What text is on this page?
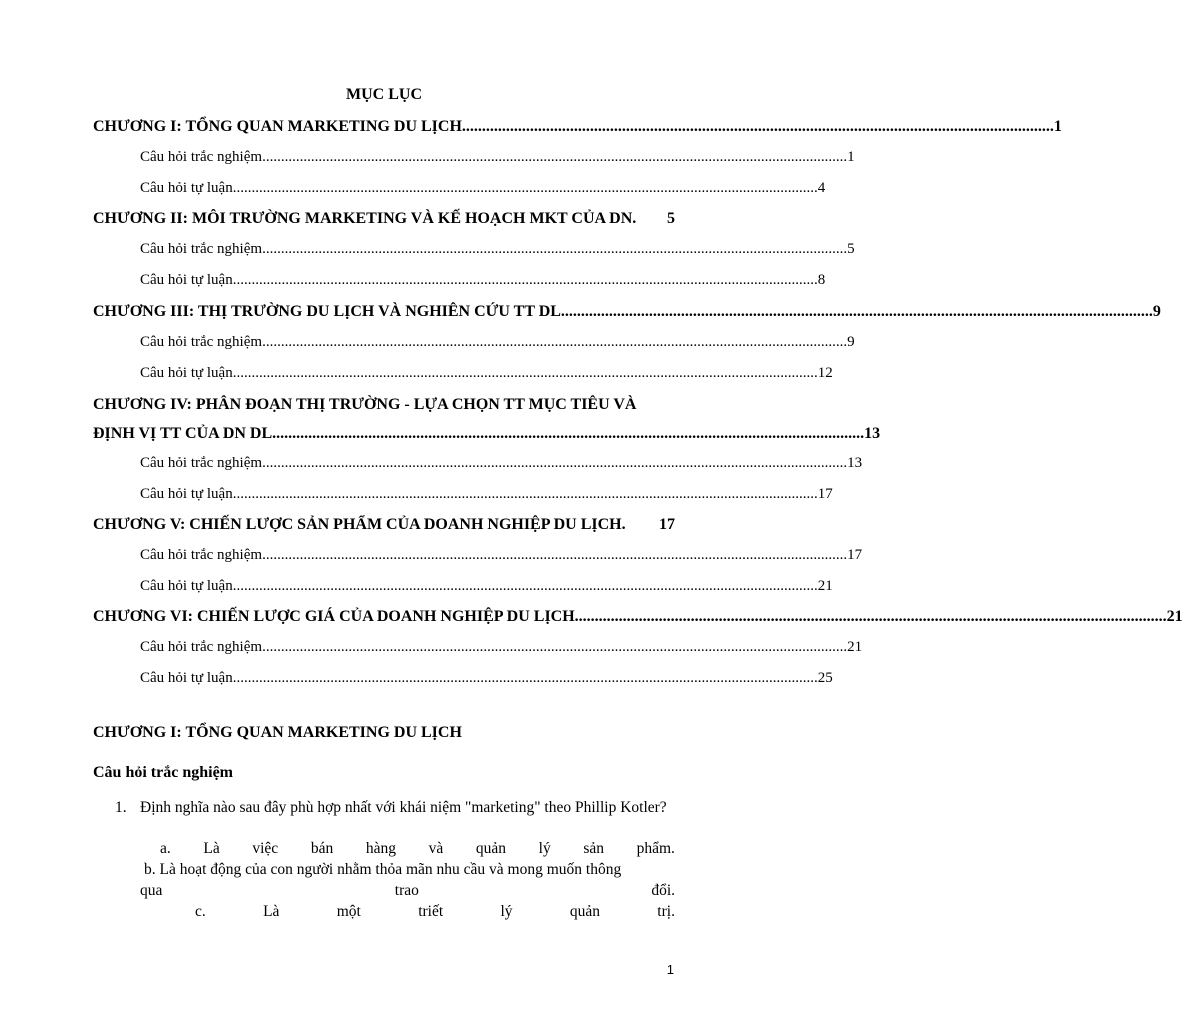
MỤC LỤC
CHƯƠNG I: TỔNG QUAN MARKETING DU LỊCH .................................................................................................................................................... 1
Câu hỏi trắc nghiệm ............................................................................................................................................................ 1
Câu hỏi tự luận ............................................................................................................................................................ 4
CHƯƠNG II: MÔI TRƯỜNG MARKETING VÀ KẾ HOẠCH MKT CỦA DN. 5
Câu hỏi trắc nghiệm ............................................................................................................................................................ 5
Câu hỏi tự luận ............................................................................................................................................................ 8
CHƯƠNG III: THỊ TRƯỜNG DU LỊCH VÀ NGHIÊN CỨU TT DL .................................................................................................................................................... 9
Câu hỏi trắc nghiệm ............................................................................................................................................................ 9
Câu hỏi tự luận ............................................................................................................................................................ 12
CHƯƠNG IV: PHÂN ĐOẠN THỊ TRƯỜNG - LỰA CHỌN TT MỤC TIÊU VÀ
ĐỊNH VỊ TT CỦA DN DL .................................................................................................................................................... 13
Câu hỏi trắc nghiệm ............................................................................................................................................................ 13
Câu hỏi tự luận ............................................................................................................................................................ 17
CHƯƠNG V: CHIẾN LƯỢC SẢN PHẨM CỦA DOANH NGHIỆP DU LỊCH. 17
Câu hỏi trắc nghiệm ............................................................................................................................................................ 17
Câu hỏi tự luận ............................................................................................................................................................ 21
CHƯƠNG VI: CHIẾN LƯỢC GIÁ CỦA DOANH NGHIỆP DU LỊCH .................................................................................................................................................... 21
Câu hỏi trắc nghiệm ............................................................................................................................................................ 21
Câu hỏi tự luận ............................................................................................................................................................ 25
CHƯƠNG I: TỔNG QUAN MARKETING DU LỊCH
Câu hỏi trắc nghiệm
1. Định nghĩa nào sau đây phù hợp nhất với khái niệm "marketing" theo Phillip Kotler?
a. Là việc bán hàng và quản lý sản phẩm.
b. Là hoạt động của con người nhằm thỏa mãn nhu cầu và mong muốn thông
qua	trao	đổi.
c.	Là	một	triết	lý	quản	trị.
1
